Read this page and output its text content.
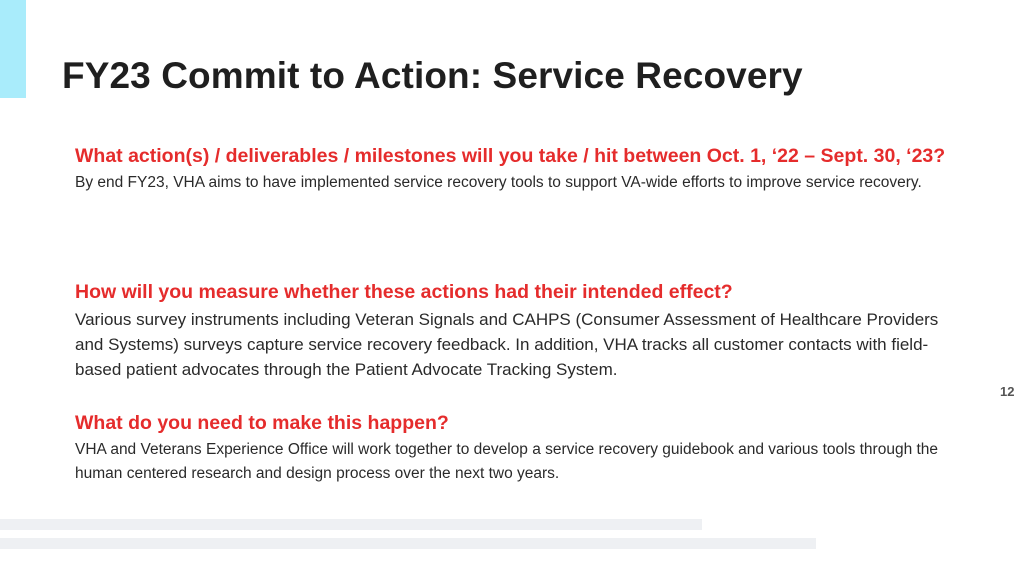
FY23 Commit to Action: Service Recovery

What action(s) / deliverables / milestones will you take / hit between Oct. 1, ‘22 – Sept. 30, ‘23?

By end FY23, VHA aims to have implemented service recovery tools to support VA-wide efforts to improve service recovery.

How will you measure whether these actions had their intended effect?

Various survey instruments including Veteran Signals and CAHPS (Consumer Assessment of Healthcare Providers and Systems) surveys capture service recovery feedback. In addition, VHA tracks all customer contacts with field-based patient advocates through the Patient Advocate Tracking System.

What do you need to make this happen?

VHA and Veterans Experience Office will work together to develop a service recovery guidebook and various tools through the human centered research and design process over the next two years.

12
